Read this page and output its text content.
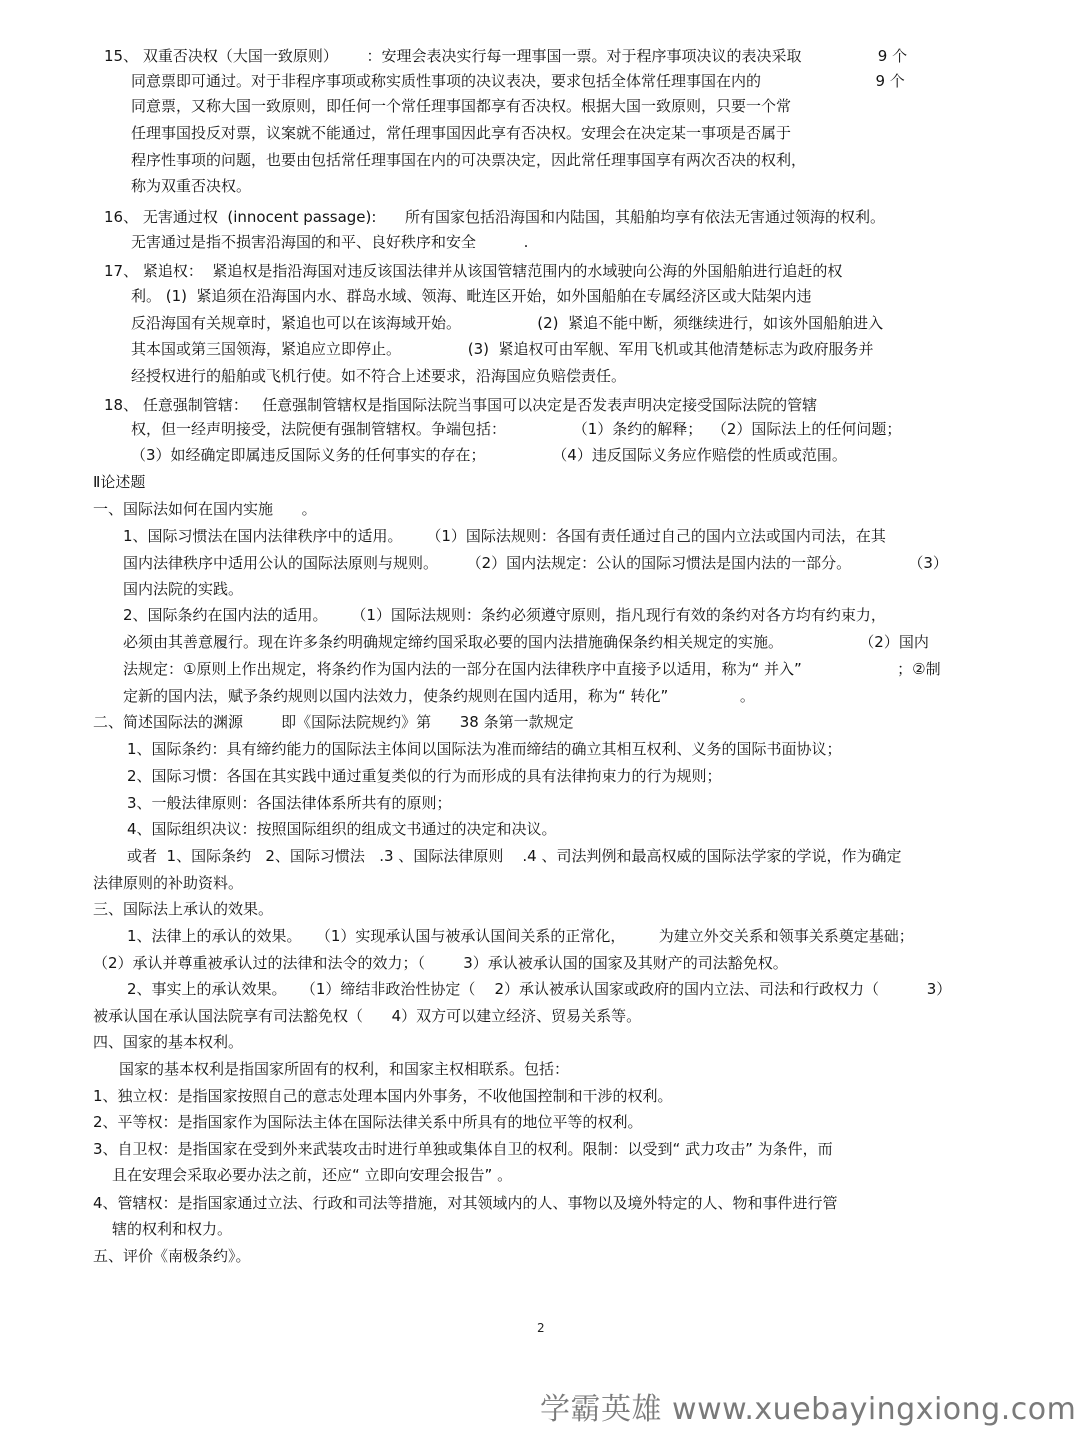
15、 双重否决权（大国一致原则）      ：安理会表决实行每一理事国一票。对于程序事项决议的表决采取                9 个

同意票即可通过。对于非程序事项或称实质性事项的决议表决，要求包括全体常任理事国在内的                        9 个

同意票，又称大国一致原则，即任何一个常任理事国都享有否决权。根据大国一致原则，只要一个常

任理事国投反对票，议案就不能通过，常任理事国因此享有否决权。安理会在决定某一事项是否属于

程序性事项的问题，也要由包括常任理事国在内的可决票决定，因此常任理事国享有两次否决的权利，

称为双重否决权。

16、 无害通过权  (innocent passage):      所有国家包括沿海国和内陆国，其船舶均享有依法无害通过领海的权利。

无害通过是指不损害沿海国的和平、良好秩序和安全          .

17、 紧追权：  紧追权是指沿海国对违反该国法律并从该国管辖范围内的水域驶向公海的外国船舶进行追赶的权

利。 (1)  紧追须在沿海国内水、群岛水域、领海、毗连区开始，如外国船舶在专属经济区或大陆架内违

反沿海国有关规章时，紧追也可以在该海域开始。                (2)  紧追不能中断，须继续进行，如该外国船舶进入

其本国或第三国领海，紧追应立即停止。              (3)  紧追权可由军舰、军用飞机或其他清楚标志为政府服务并

经授权进行的船舶或飞机行使。如不符合上述要求，沿海国应负赔偿责任。

18、 任意强制管辖：   任意强制管辖权是指国际法院当事国可以决定是否发表声明决定接受国际法院的管辖

权，但一经声明接受，法院便有强制管辖权。争端包括：              （1）条约的解释；  （2）国际法上的任何问题；

（3）如经确定即属违反国际义务的任何事实的存在；              （4）违反国际义务应作赔偿的性质或范围。

Ⅱ论述题

一、国际法如何在国内实施      。

1、国际习惯法在国内法律秩序中的适用。     （1）国际法规则：各国有责任通过自己的国内立法或国内司法，在其

国内法律秩序中适用公认的国际法原则与规则。      （2）国内法规定：公认的国际习惯法是国内法的一部分。            （3）

国内法院的实践。

2、国际条约在国内法的适用。     （1）国际法规则：条约必须遵守原则，指凡现行有效的条约对各方均有约束力，

必须由其善意履行。现在许多条约明确规定缔约国采取必要的国内法措施确保条约相关规定的实施。                （2）国内

法规定：①原则上作出规定，将条约作为国内法的一部分在国内法律秩序中直接予以适用，称为“ 并入”                    ；②制

定新的国内法，赋予条约规则以国内法效力，使条约规则在国内适用，称为“ 转化”               。

二、简述国际法的渊源        即《国际法院规约》第      38 条第一款规定

1、国际条约：具有缔约能力的国际法主体间以国际法为准而缔结的确立其相互权利、义务的国际书面协议；

2、国际习惯：各国在其实践中通过重复类似的行为而形成的具有法律拘束力的行为规则；

3、一般法律原则：各国法律体系所共有的原则；

4、国际组织决议：按照国际组织的组成文书通过的决定和决议。

或者  1、国际条约   2、国际习惯法   .3 、国际法律原则    .4 、司法判例和最高权威的国际法学家的学说，作为确定

法律原则的补助资料。

三、国际法上承认的效果。

1、法律上的承认的效果。   （1）实现承认国与被承认国间关系的正常化，       为建立外交关系和领事关系奠定基础；

（2）承认并尊重被承认过的法律和法令的效力；（        3）承认被承认国的国家及其财产的司法豁免权。

2、事实上的承认效果。   （1）缔结非政治性协定（    2）承认被承认国家或政府的国内立法、司法和行政权力（          3）

被承认国在承认国法院享有司法豁免权（      4）双方可以建立经济、贸易关系等。

四、国家的基本权利。

国家的基本权利是指国家所固有的权利，和国家主权相联系。包括：

1、独立权：是指国家按照自己的意志处理本国内外事务，不收他国控制和干涉的权利。

2、平等权：是指国家作为国际法主体在国际法律关系中所具有的地位平等的权利。

3、自卫权：是指国家在受到外来武装攻击时进行单独或集体自卫的权利。限制：以受到“ 武力攻击” 为条件，而

且在安理会采取必要办法之前，还应“ 立即向安理会报告” 。

4、管辖权：是指国家通过立法、行政和司法等措施，对其领域内的人、事物以及境外特定的人、物和事件进行管

辖的权利和权力。

五、评价《南极条约》。

2
学霸英雄 www.xuebayingxiong.com
